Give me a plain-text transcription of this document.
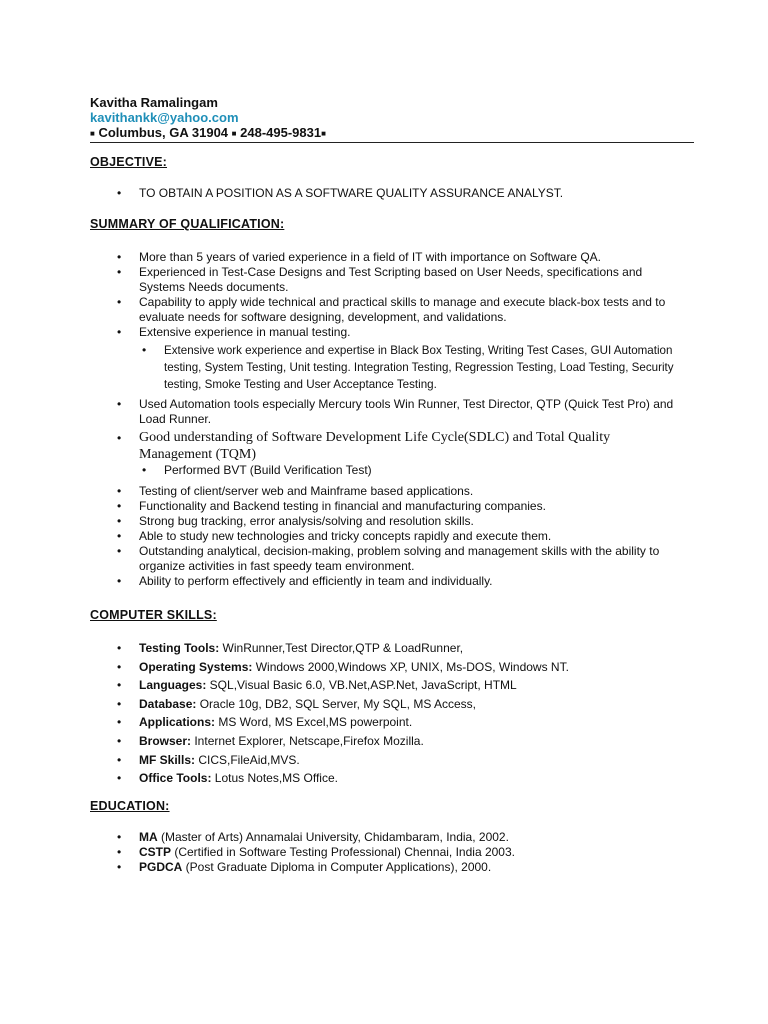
Kavitha Ramalingam
kavithankk@yahoo.com
■ Columbus, GA 31904 ■ 248-495-9831■
OBJECTIVE:
• TO OBTAIN A POSITION AS A SOFTWARE QUALITY ASSURANCE ANALYST.
SUMMARY OF QUALIFICATION:
• More than 5 years of varied experience in a field of IT with importance on Software QA.
• Experienced in Test-Case Designs and Test Scripting based on User Needs, specifications and Systems Needs documents.
• Capability to apply wide technical and practical skills to manage and execute black-box tests and to evaluate needs for software designing, development, and validations.
• Extensive experience in manual testing.
• Extensive work experience and expertise in Black Box Testing, Writing Test Cases, GUI Automation testing, System Testing, Unit testing. Integration Testing, Regression Testing, Load Testing, Security testing, Smoke Testing and User Acceptance Testing.
• Used Automation tools especially Mercury tools Win Runner, Test Director, QTP (Quick Test Pro) and Load Runner.
• Good understanding of Software Development Life Cycle(SDLC) and Total Quality Management (TQM)
• Performed BVT (Build Verification Test)
• Testing of client/server web and Mainframe based applications.
• Functionality and Backend testing in financial and manufacturing companies.
• Strong bug tracking, error analysis/solving and resolution skills.
• Able to study new technologies and tricky concepts rapidly and execute them.
• Outstanding analytical, decision-making, problem solving and management skills with the ability to organize activities in fast speedy team environment.
• Ability to perform effectively and efficiently in team and individually.
COMPUTER SKILLS:
• Testing Tools: WinRunner,Test Director,QTP & LoadRunner,
• Operating Systems: Windows 2000,Windows XP, UNIX, Ms-DOS, Windows NT.
• Languages: SQL,Visual Basic 6.0, VB.Net,ASP.Net, JavaScript, HTML
• Database: Oracle 10g, DB2, SQL Server, My SQL, MS Access,
• Applications: MS Word, MS Excel,MS powerpoint.
• Browser: Internet Explorer, Netscape,Firefox Mozilla.
• MF Skills: CICS,FileAid,MVS.
• Office Tools: Lotus Notes,MS Office.
EDUCATION:
• MA (Master of Arts) Annamalai University, Chidambaram, India, 2002.
• CSTP (Certified in Software Testing Professional) Chennai, India 2003.
• PGDCA (Post Graduate Diploma in Computer Applications), 2000.
